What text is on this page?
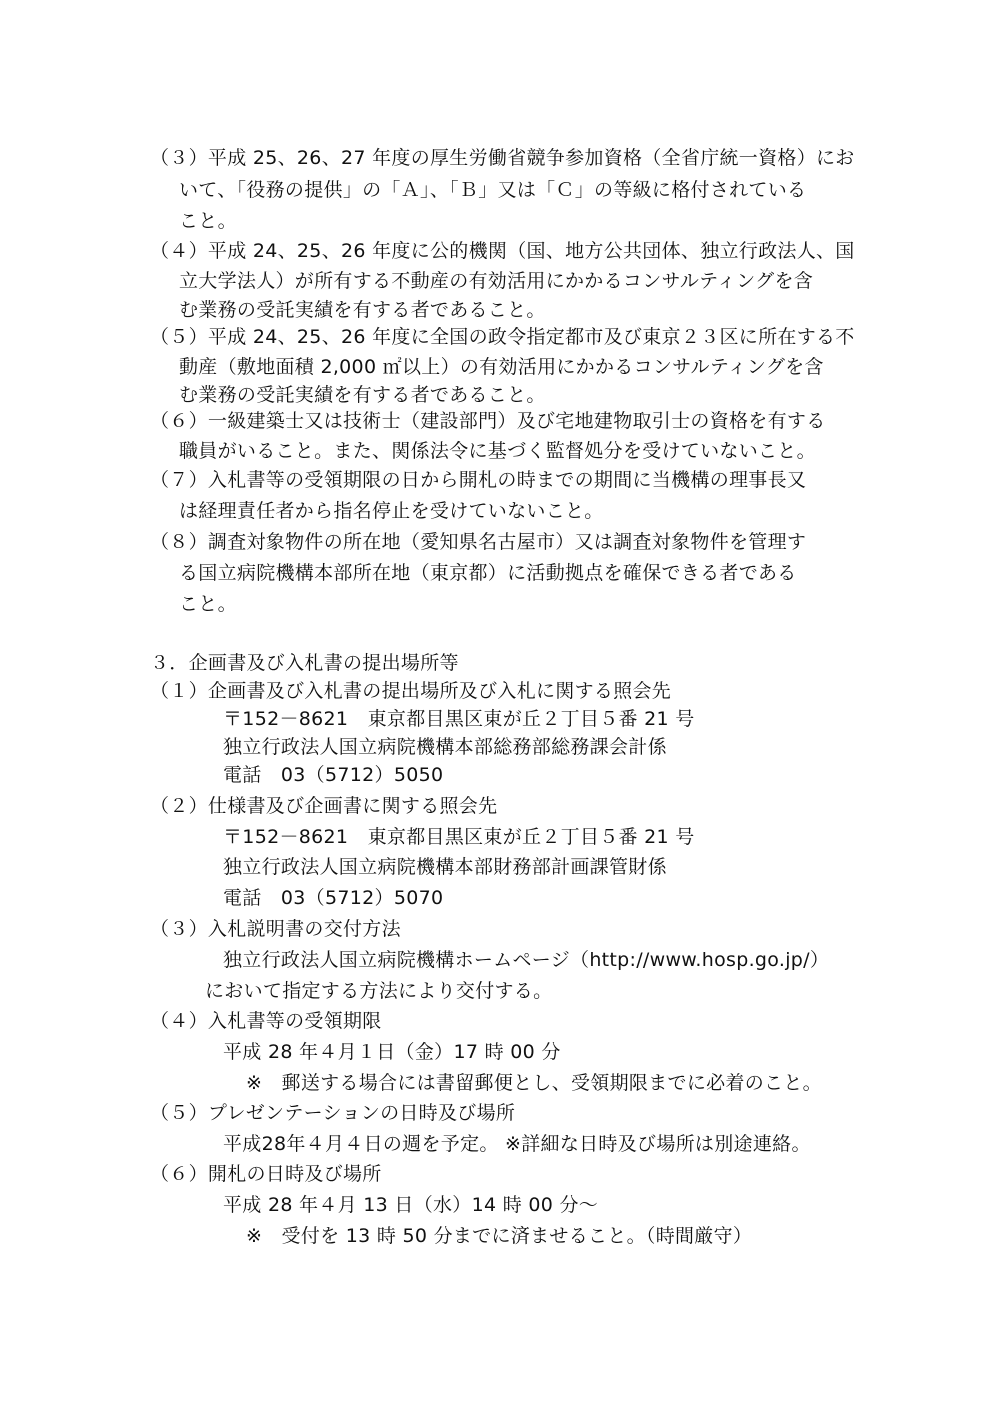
（３）平成 25、26、27 年度の厚生労働省競争参加資格（全省庁統一資格）にお
いて、「役務の提供」の「Ａ」、「Ｂ」又は「Ｃ」の等級に格付されている
こと。
（４）平成 24、25、26 年度に公的機関（国、地方公共団体、独立行政法人、国
立大学法人）が所有する不動産の有効活用にかかるコンサルティングを含
む業務の受託実績を有する者であること。
（５）平成 24、25、26 年度に全国の政令指定都市及び東京２３区に所在する不
動産（敷地面積 2,000 ㎡以上）の有効活用にかかるコンサルティングを含
む業務の受託実績を有する者であること。
（６）一級建築士又は技術士（建設部門）及び宅地建物取引士の資格を有する
職員がいること。また、関係法令に基づく監督処分を受けていないこと。
（７）入札書等の受領期限の日から開札の時までの期間に当機構の理事長又
は経理責任者から指名停止を受けていないこと。
（８）調査対象物件の所在地（愛知県名古屋市）又は調査対象物件を管理す
る国立病院機構本部所在地（東京都）に活動拠点を確保できる者である
こと。
３．企画書及び入札書の提出場所等
（１）企画書及び入札書の提出場所及び入札に関する照会先
〒152－8621　東京都目黒区東が丘２丁目５番 21 号
独立行政法人国立病院機構本部総務部総務課会計係
電話　03（5712）5050
（２）仕様書及び企画書に関する照会先
〒152－8621　東京都目黒区東が丘２丁目５番 21 号
独立行政法人国立病院機構本部財務部計画課管財係
電話　03（5712）5070
（３）入札説明書の交付方法
独立行政法人国立病院機構ホームページ（http://www.hosp.go.jp/）
において指定する方法により交付する。
（４）入札書等の受領期限
平成 28 年４月１日（金）17 時 00 分
※　郵送する場合には書留郵便とし、受領期限までに必着のこと。
（５）プレゼンテーションの日時及び場所
平成28年４月４日の週を予定。 ※詳細な日時及び場所は別途連絡。
（６）開札の日時及び場所
平成 28 年４月 13 日（水）14 時 00 分～
※　受付を 13 時 50 分までに済ませること。（時間厳守）
